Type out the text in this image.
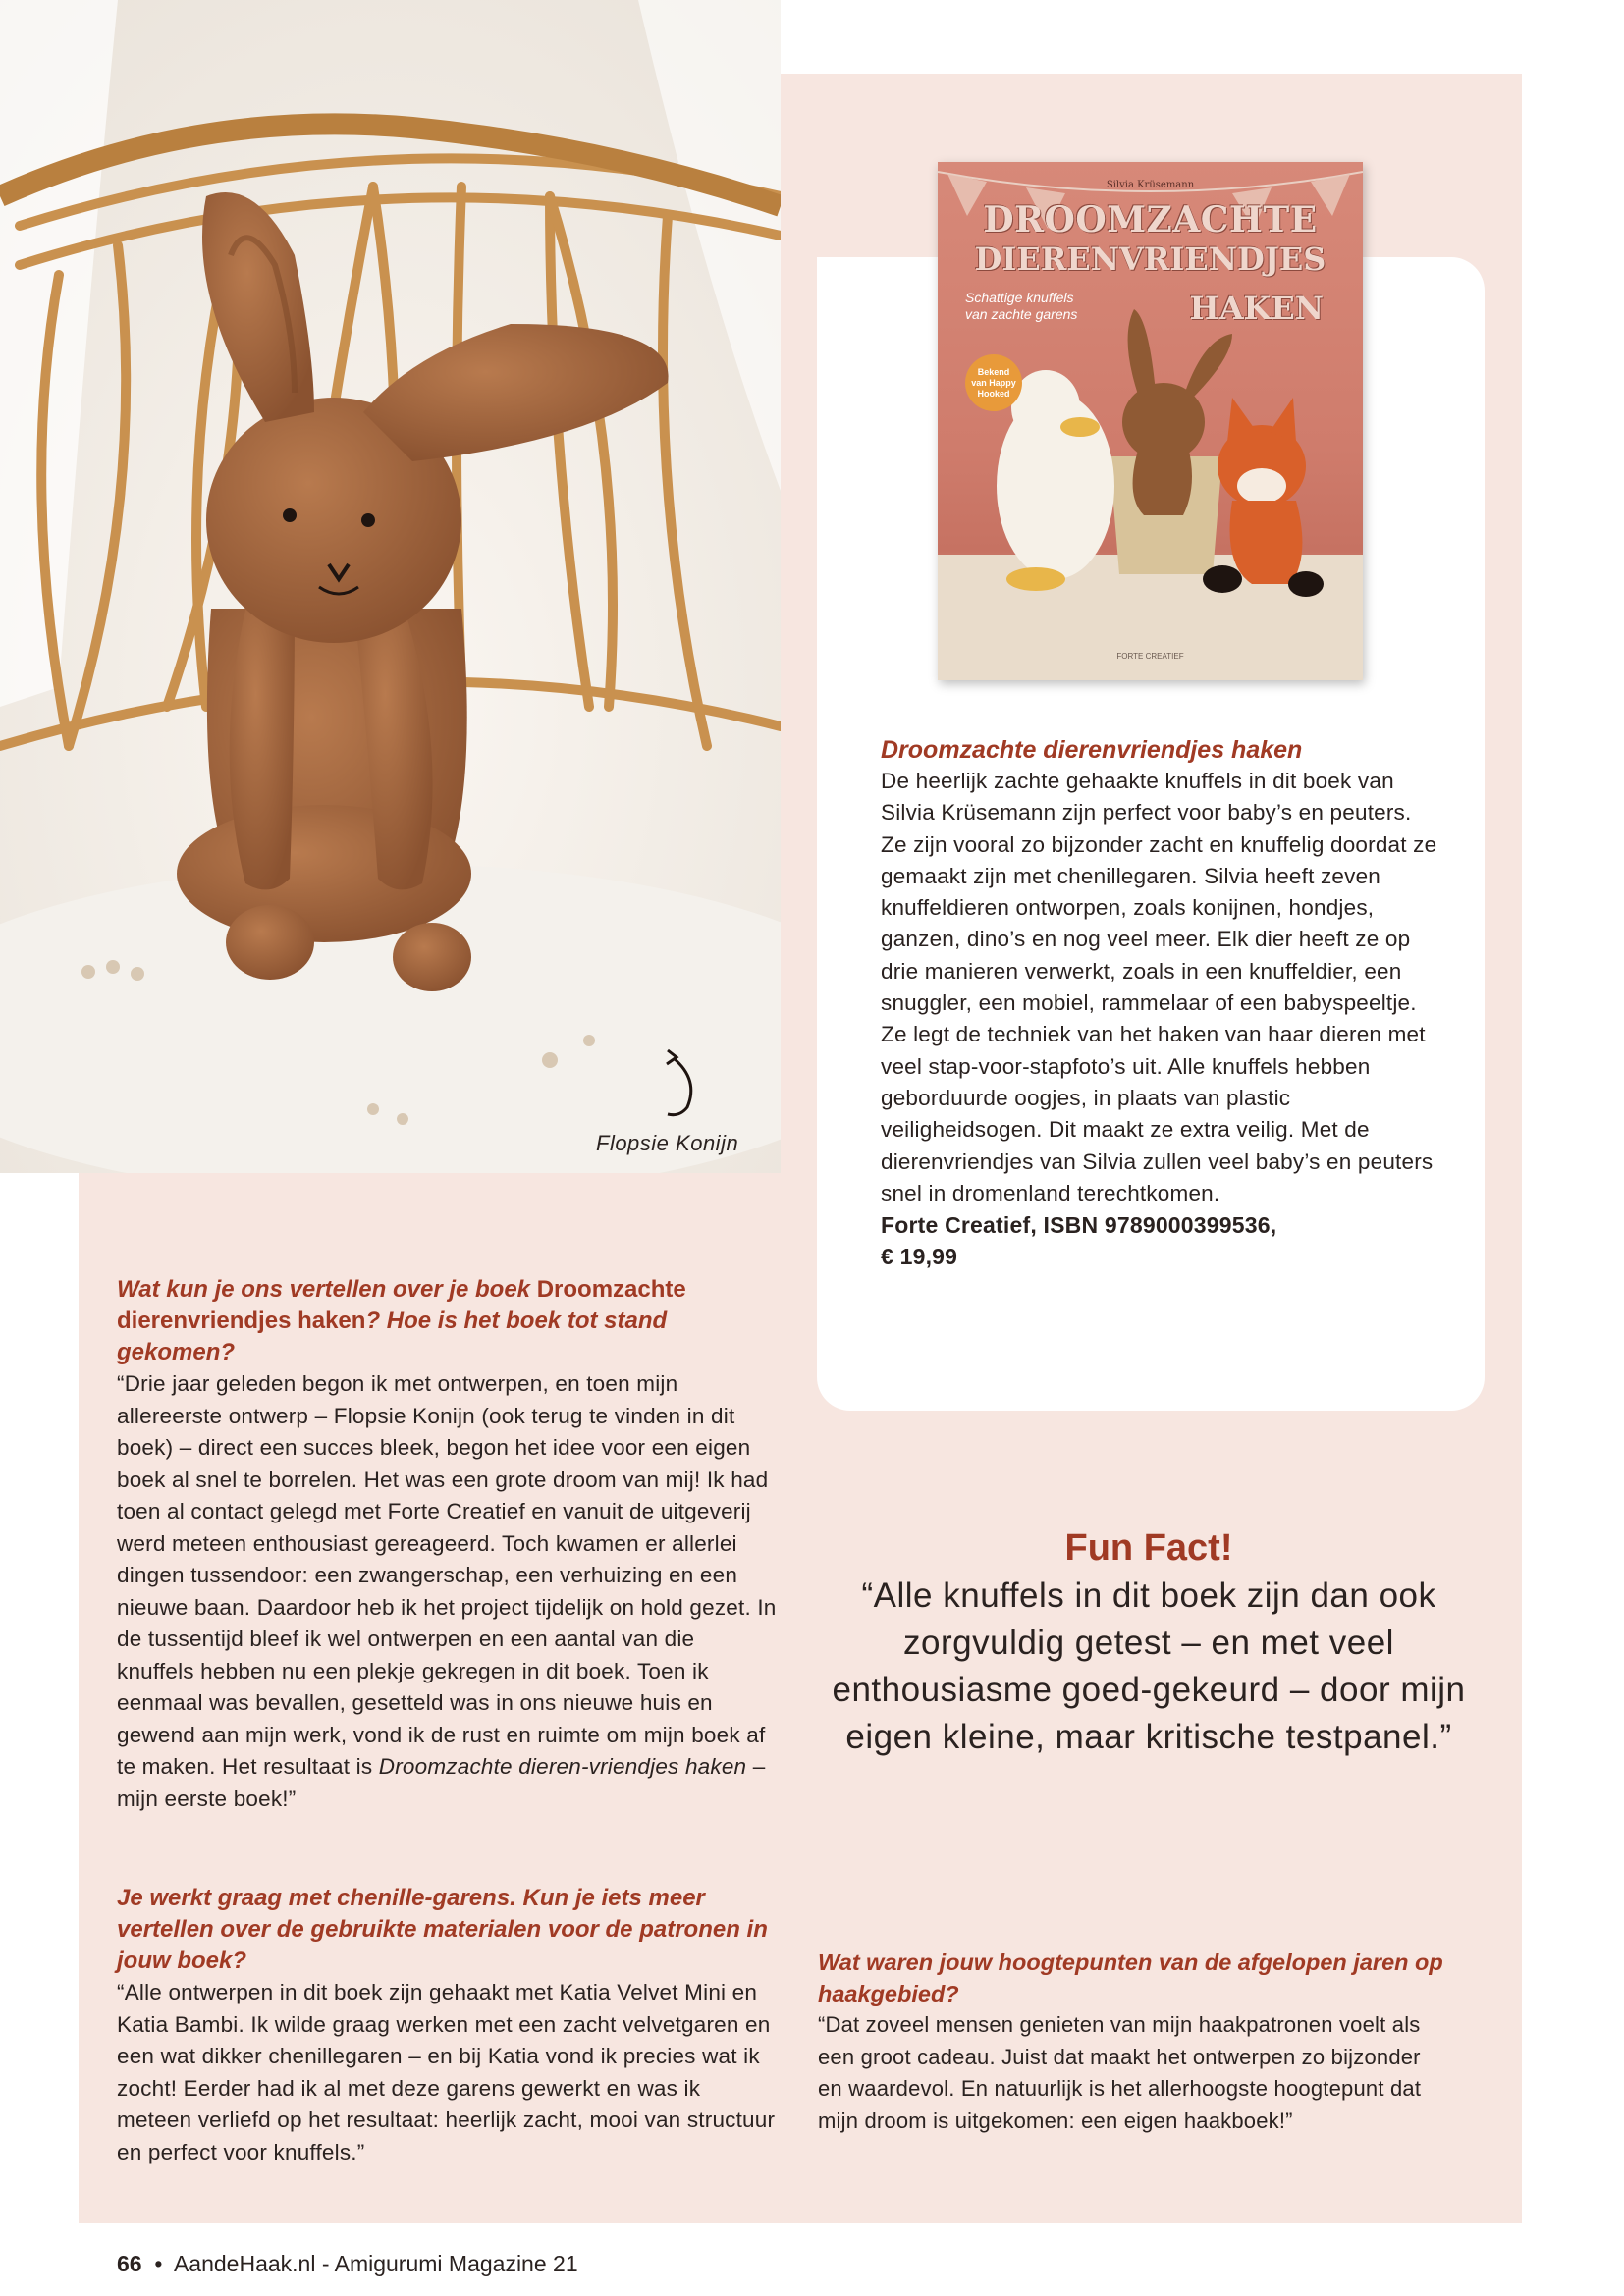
Flopsie Konijn
Silvia Krüsemann
DROOMZACHTE
DIERENVRIENDJES
HAKEN
Schattige knuffels
van zachte garens
Bekend
van Happy
Hooked
FORTE CREATIEF
Droomzachte dierenvriendjes haken
De heerlijk zachte gehaakte knuffels in dit boek van Silvia Krüsemann zijn perfect voor baby’s en peuters. Ze zijn vooral zo bijzonder zacht en knuffelig doordat ze gemaakt zijn met chenillegaren. Silvia heeft zeven knuffeldieren ontworpen, zoals konijnen, hondjes, ganzen, dino’s en nog veel meer. Elk dier heeft ze op drie manieren verwerkt, zoals in een knuffeldier, een snuggler, een mobiel, rammelaar of een babyspeeltje. Ze legt de techniek van het haken van haar dieren met veel stap-voor-stapfoto’s uit. Alle knuffels hebben geborduurde oogjes, in plaats van plastic veiligheidsogen. Dit maakt ze extra veilig. Met de dierenvriendjes van Silvia zullen veel baby’s en peuters snel in dromenland terechtkomen.
Forte Creatief, ISBN 9789000399536,
€ 19,99
Wat kun je ons vertellen over je boek Droomzachte dierenvriendjes haken? Hoe is het boek tot stand gekomen?
“Drie jaar geleden begon ik met ontwerpen, en toen mijn allereerste ontwerp – Flopsie Konijn (ook terug te vinden in dit boek) – direct een succes bleek, begon het idee voor een eigen boek al snel te borrelen. Het was een grote droom van mij! Ik had toen al contact gelegd met Forte Creatief en vanuit de uitgeverij werd meteen enthousiast gereageerd. Toch kwamen er allerlei dingen tussendoor: een zwangerschap, een verhuizing en een nieuwe baan. Daardoor heb ik het project tijdelijk on hold gezet. In de tussentijd bleef ik wel ontwerpen en een aantal van die knuffels hebben nu een plekje gekregen in dit boek. Toen ik eenmaal was bevallen, gesetteld was in ons nieuwe huis en gewend aan mijn werk, vond ik de rust en ruimte om mijn boek af te maken. Het resultaat is Droomzachte dieren-vriendjes haken – mijn eerste boek!”
Je werkt graag met chenille-garens. Kun je iets meer vertellen over de gebruikte materialen voor de patronen in jouw boek?
“Alle ontwerpen in dit boek zijn gehaakt met Katia Velvet Mini en Katia Bambi. Ik wilde graag werken met een zacht velvetgaren en een wat dikker chenillegaren – en bij Katia vond ik precies wat ik zocht! Eerder had ik al met deze garens gewerkt en was ik meteen verliefd op het resultaat: heerlijk zacht, mooi van structuur en perfect voor knuffels.”
Fun Fact!
“Alle knuffels in dit boek zijn dan ook zorgvuldig getest – en met veel enthousiasme goed-gekeurd – door mijn eigen kleine, maar kritische testpanel.”
Wat waren jouw hoogtepunten van de afgelopen jaren op haakgebied?
“Dat zoveel mensen genieten van mijn haakpatronen voelt als een groot cadeau. Juist dat maakt het ontwerpen zo bijzonder en waardevol. En natuurlijk is het allerhoogste hoogtepunt dat mijn droom is uitgekomen: een eigen haakboek!”
66 • AandeHaak.nl - Amigurumi Magazine 21
